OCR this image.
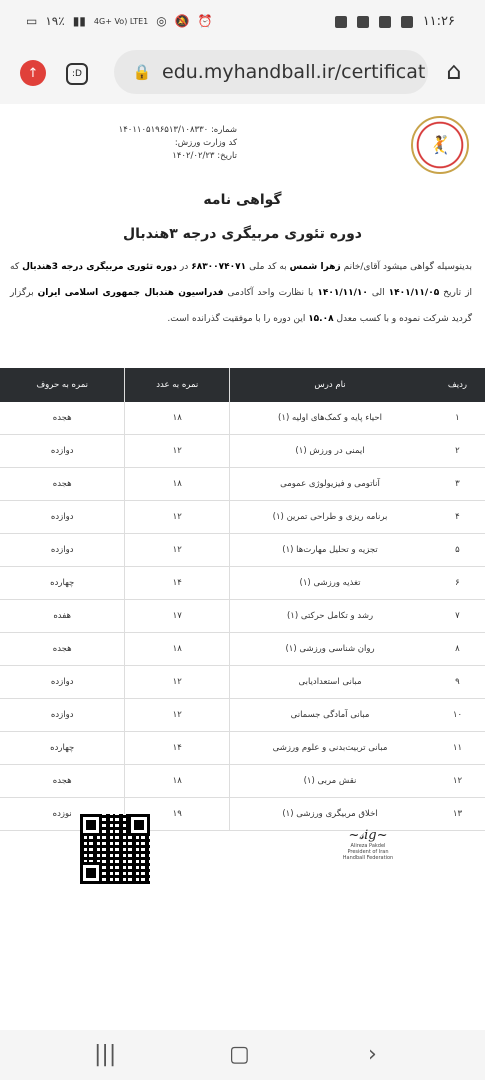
▭ ۱۹٪ ▮▮ 4G+ Vo) LTE1 ◎ 🔕 ⏰	۱۱:۲۶
↑	:D	🔒 edu.myhandball.ir/certificat ⌂
شماره: ۱۴۰۱۱۰۵۱۹۶۵۱۳/۱۰۸۳۳۰
کد وزارت ورزش:
تاریخ: ۱۴۰۲/۰۲/۲۳
🤾
گواهی نامه
دوره تئوری مربیگری درجه ۳هندبال
بدینوسیله گواهی میشود آقای/خانم زهرا شمس به کد ملی ۶۸۳۰۰۷۴۰۷۱ در دوره تئوری مربیگری درجه 3هندبال که از تاریخ ۱۴۰۱/۱۱/۰۵ الی ۱۴۰۱/۱۱/۱۰ با نظارت واحد آکادمی فدراسیون هندبال جمهوری اسلامی ایران برگزار گردید شرکت نموده و با کسب معدل ۱۵.۰۸ این دوره را با موفقیت گذرانده است.
ردیف	نام درس	نمره به عدد	نمره به حروف
۱	احیاء پایه و کمک‌های اولیه (۱)	۱۸	هجده
۲	ایمنی در ورزش (۱)	۱۲	دوازده
۳	آناتومی و فیزیولوژی عمومی	۱۸	هجده
۴	برنامه ریزی و طراحی تمرین (۱)	۱۲	دوازده
۵	تجزیه و تحلیل مهارت‌ها (۱)	۱۲	دوازده
۶	تغذیه ورزشی (۱)	۱۴	چهارده
۷	رشد و تکامل حرکتی (۱)	۱۷	هفده
۸	روان شناسی ورزشی (۱)	۱۸	هجده
۹	مبانی استعدادیابی	۱۲	دوازده
۱۰	مبانی آمادگی جسمانی	۱۲	دوازده
۱۱	مبانی تربیت‌بدنی و علوم ورزشی	۱۴	چهارده
۱۲	نقش مربی (۱)	۱۸	هجده
۱۳	اخلاق مربیگری ورزشی (۱)	۱۹	نوزده
~𝓈ig~
Alireza Pakdel
President of Iran Handball Federation
|||	▢	›
